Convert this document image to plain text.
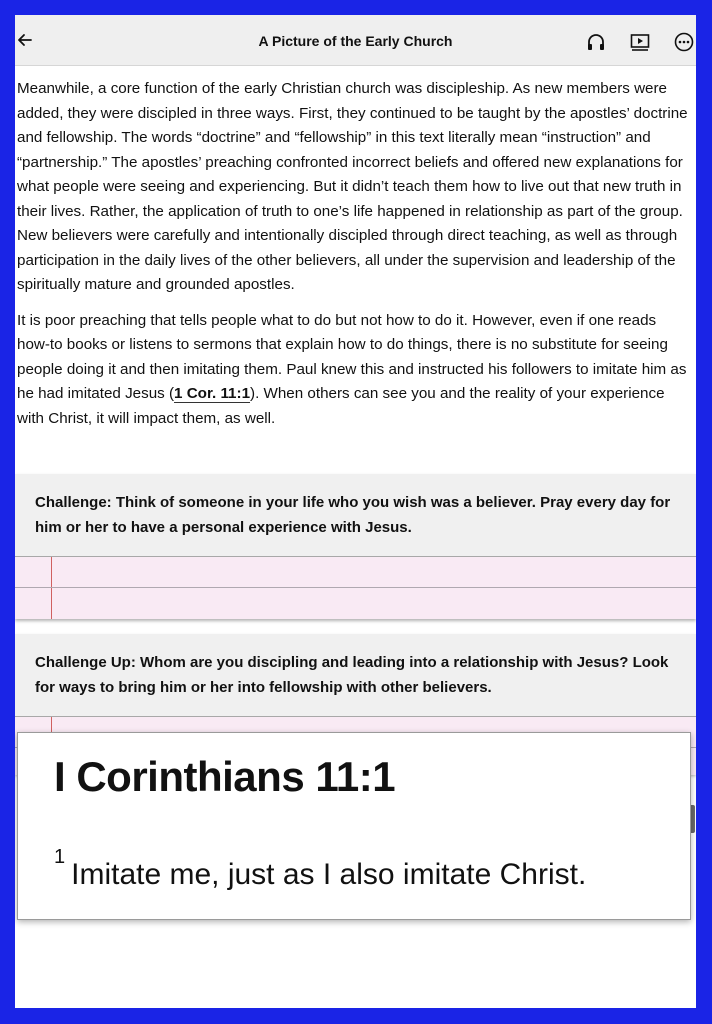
A Picture of the Early Church

Meanwhile, a core function of the early Christian church was discipleship. As new members were added, they were discipled in three ways. First, they continued to be taught by the apostles’ doctrine and fellowship. The words “doctrine” and “fellowship” in this text literally mean “instruction” and “partnership.” The apostles’ preaching confronted incorrect beliefs and offered new explanations for what people were seeing and experiencing. But it didn’t teach them how to live out that new truth in their lives. Rather, the application of truth to one’s life happened in relationship as part of the group. New believers were carefully and intentionally discipled through direct teaching, as well as through participation in the daily lives of the other believers, all under the supervision and leadership of the spiritually mature and grounded apostles.

It is poor preaching that tells people what to do but not how to do it. However, even if one reads how-to books or listens to sermons that explain how to do things, there is no substitute for seeing people doing it and then imitating them. Paul knew this and instructed his followers to imitate him as he had imitated Jesus (1 Cor. 11:1). When others can see you and the reality of your experience with Christ, it will impact them, as well.

Challenge: Think of someone in your life who you wish was a believer. Pray every day for him or her to have a personal experience with Jesus.
Challenge Up: Whom are you discipling and leading into a relationship with Jesus? Look for ways to bring him or her into fellowship with other believers.
I Corinthians 11:1
$^1$Imitate me, just as I also imitate Christ.
